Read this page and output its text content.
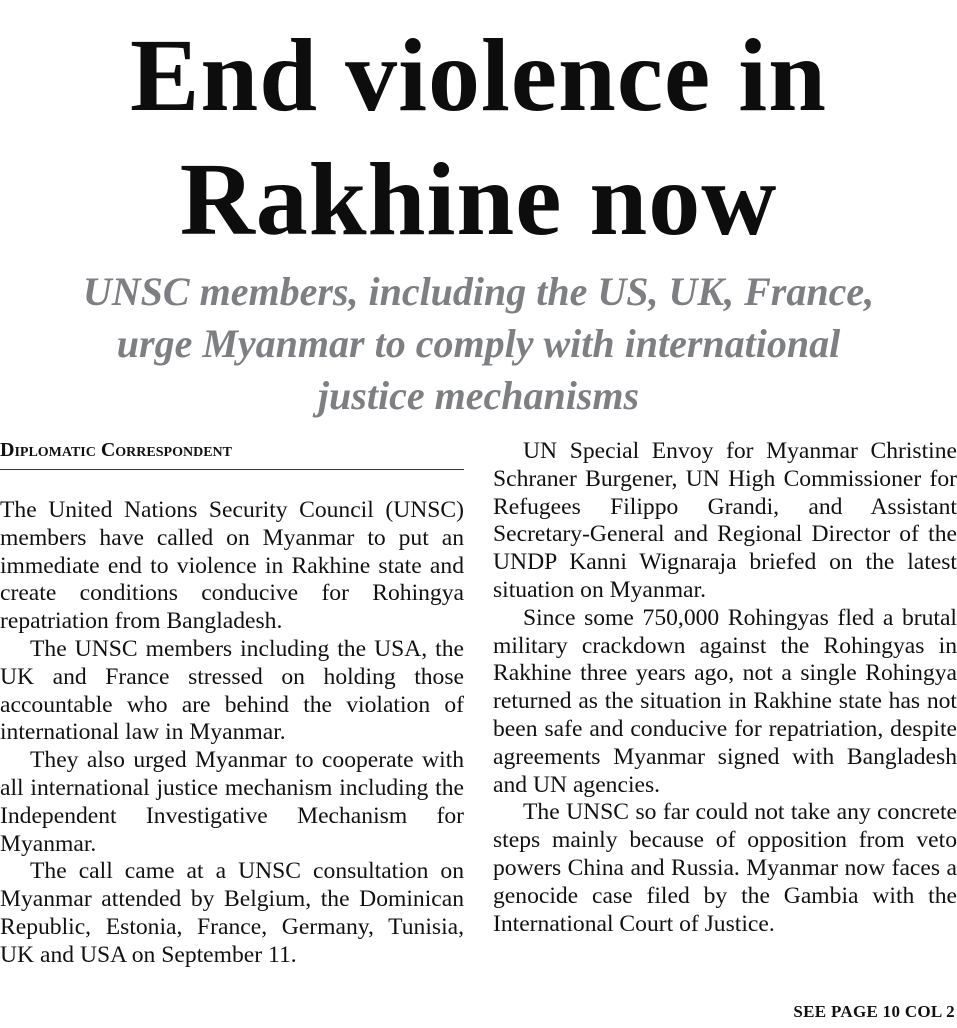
End violence in
Rakhine now
UNSC members, including the US, UK, France,
urge Myanmar to comply with international
justice mechanisms
Diplomatic Correspondent

The United Nations Security Council (UNSC) members have called on Myanmar to put an immediate end to violence in Rakhine state and create conditions conducive for Rohingya repatriation from Bangladesh.

The UNSC members including the USA, the UK and France stressed on holding those accountable who are behind the violation of international law in Myanmar.

They also urged Myanmar to cooperate with all international justice mechanism including the Independent Investigative Mechanism for Myanmar.

The call came at a UNSC consultation on Myanmar attended by Belgium, the Dominican Republic, Estonia, France, Germany, Tunisia, UK and USA on September 11.

UN Special Envoy for Myanmar Christine Schraner Burgener, UN High Commissioner for Refugees Filippo Grandi, and Assistant Secretary-General and Regional Director of the UNDP Kanni Wignaraja briefed on the latest situation on Myanmar.

Since some 750,000 Rohingyas fled a brutal military crackdown against the Rohingyas in Rakhine three years ago, not a single Rohingya returned as the situation in Rakhine state has not been safe and conducive for repatriation, despite agreements Myanmar signed with Bangladesh and UN agencies.

The UNSC so far could not take any concrete steps mainly because of opposition from veto powers China and Russia. Myanmar now faces a genocide case filed by the Gambia with the International Court of Justice.

SEE PAGE 10 COL 2
